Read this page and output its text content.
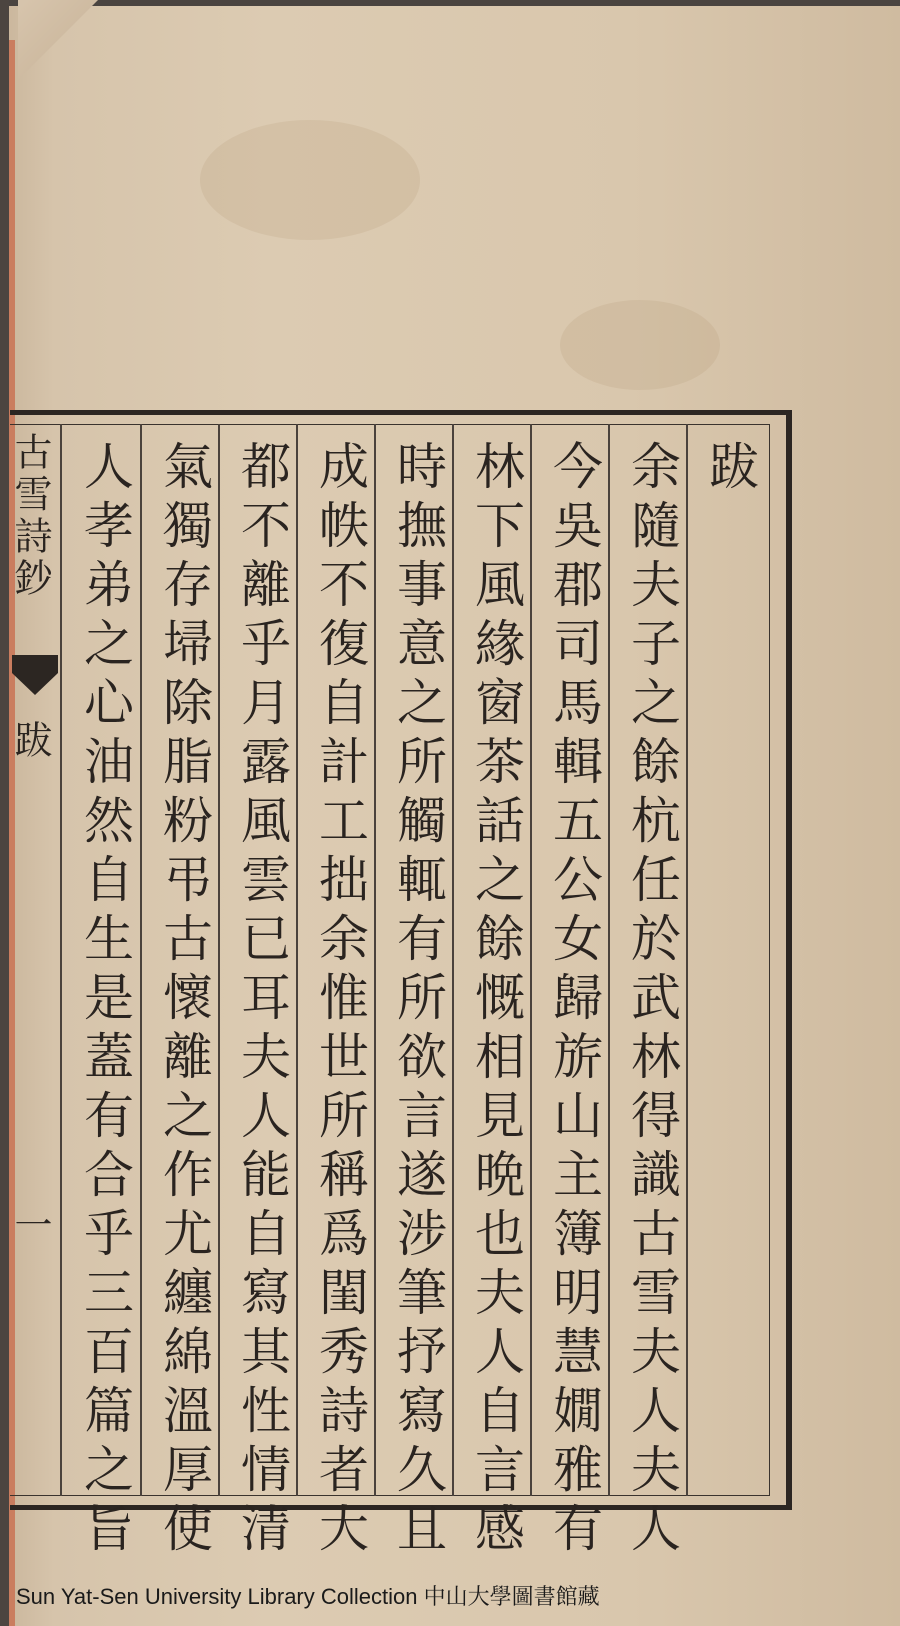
跋
余隨夫子之餘杭任於武林得識古雪夫人夫人
今吳郡司馬輯五公女歸旂山主簿明慧嫺雅有
林下風緣窗茶話之餘慨相見晩也夫人自言感
時撫事意之所觸輒有所欲言遂涉筆抒寫久且
成帙不復自計工拙余惟世所稱爲閨秀詩者大
都不離乎月露風雲已耳夫人能自寫其性情清
氣獨存埽除脂粉弔古懷離之作尤纏綿溫厚使
人孝弟之心油然自生是蓋有合乎三百篇之旨
古雪詩鈔
跋
一
Sun Yat-Sen University Library Collection 中山大學圖書館藏
